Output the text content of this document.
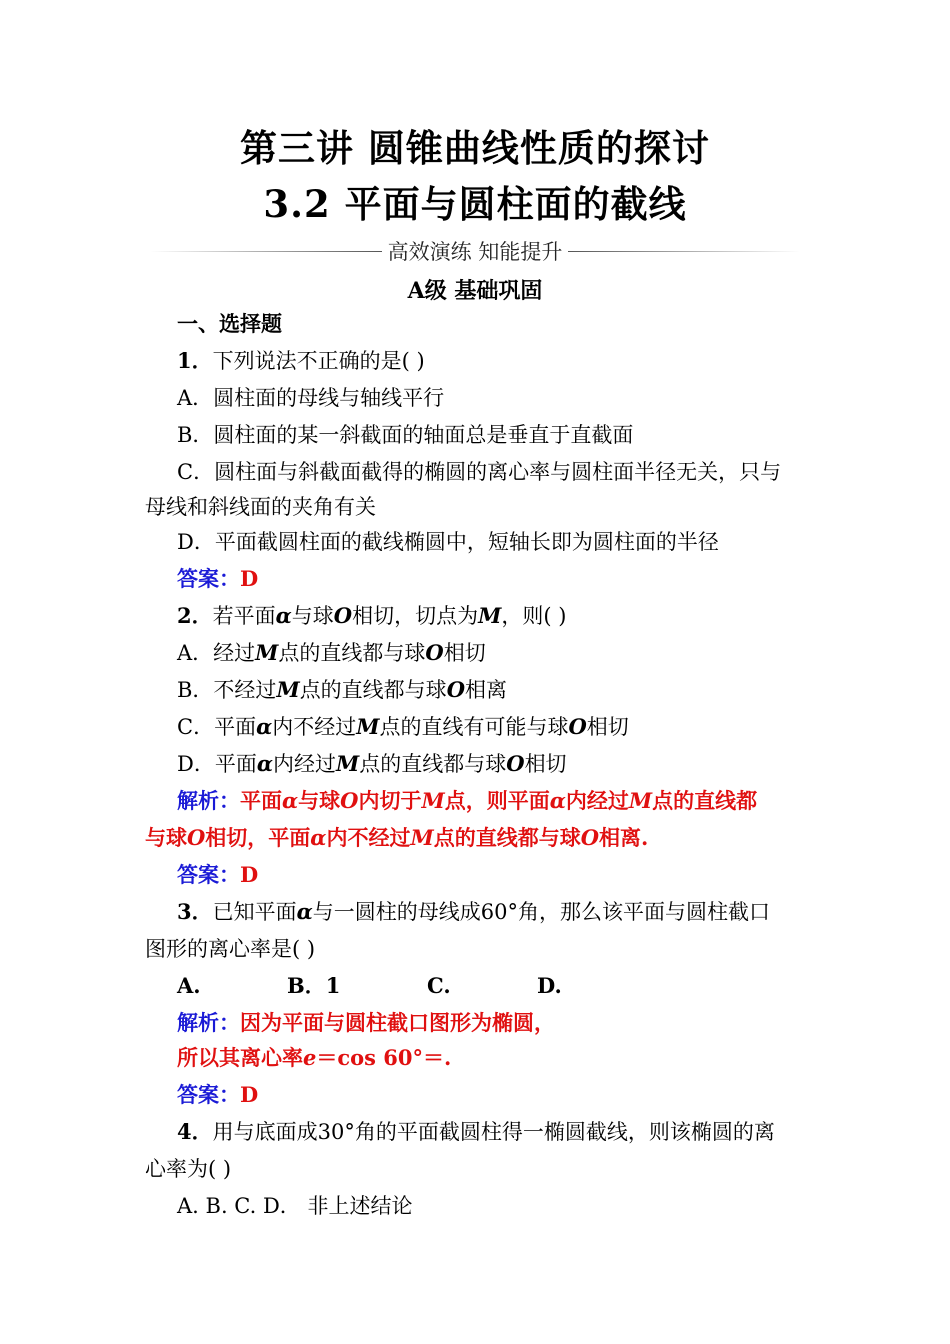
第三讲 圆锥曲线性质的探讨
3.2 平面与圆柱面的截线
高效演练 知能提升
A级 基础巩固
一、选择题
1．下列说法不正确的是( )
A．圆柱面的母线与轴线平行
B．圆柱面的某一斜截面的轴面总是垂直于直截面
C．圆柱面与斜截面截得的椭圆的离心率与圆柱面半径无关，只与
母线和斜线面的夹角有关
D．平面截圆柱面的截线椭圆中，短轴长即为圆柱面的半径
答案：D
2．若平面α与球O相切，切点为M，则( )
A．经过M点的直线都与球O相切
B．不经过M点的直线都与球O相离
C．平面α内不经过M点的直线有可能与球O相切
D．平面α内经过M点的直线都与球O相切
解析：平面α与球O内切于M点，则平面α内经过M点的直线都
与球O相切，平面α内不经过M点的直线都与球O相离.
答案：D
3．已知平面α与一圆柱的母线成60°角，那么该平面与圆柱截口
图形的离心率是( )
A.	B．1	C.	D.
解析：因为平面与圆柱截口图形为椭圆，
所以其离心率e＝cos 60°＝.
答案：D
4．用与底面成30°角的平面截圆柱得一椭圆截线，则该椭圆的离
心率为( )
A. B. C. D． 非上述结论
